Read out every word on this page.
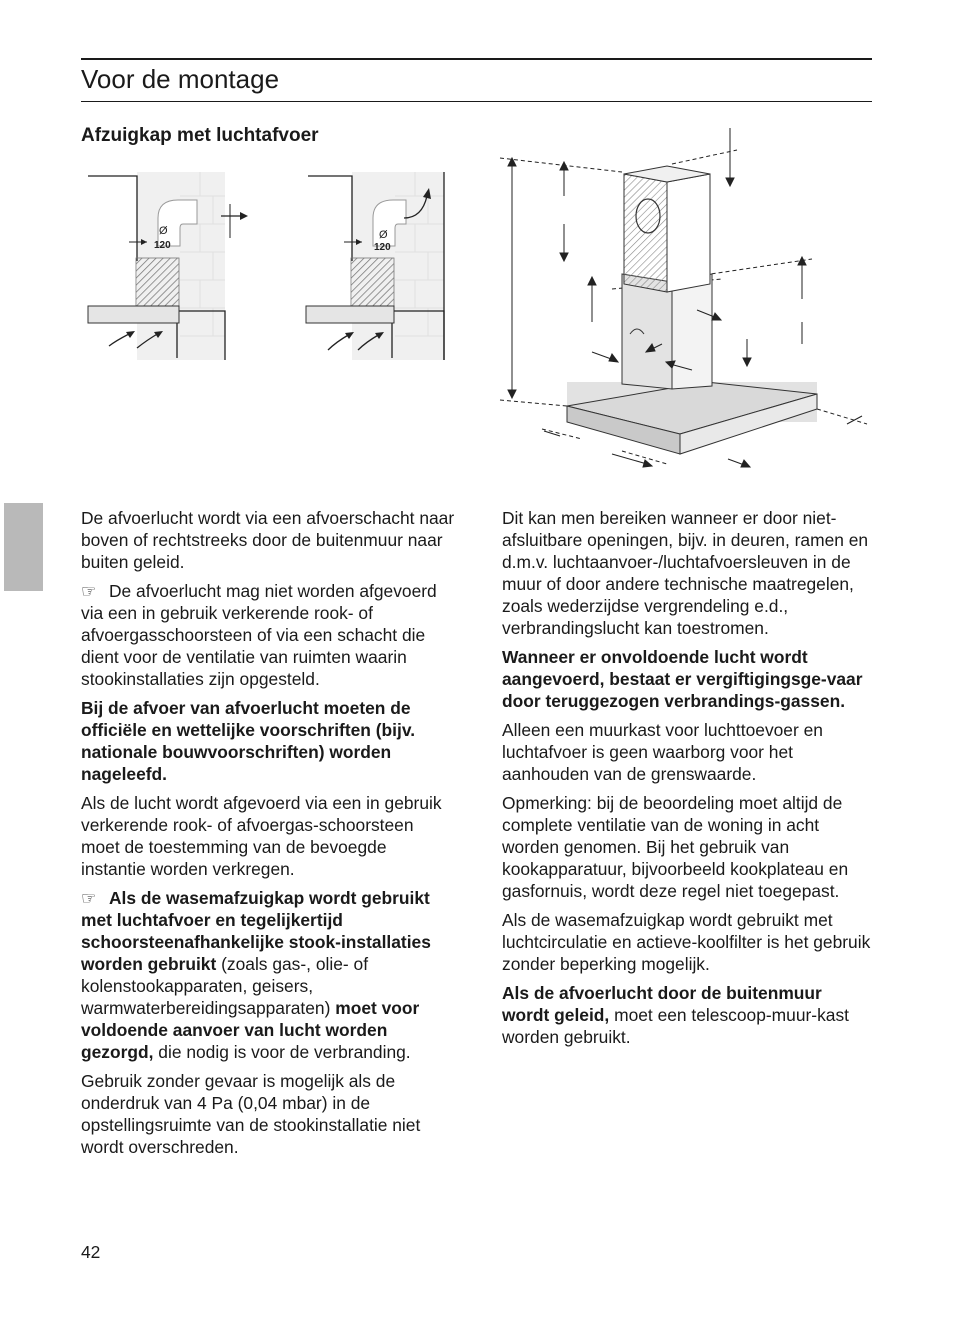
Voor de montage
Afzuigkap met luchtafvoer
Ø
120
Ø
120

De afvoerlucht wordt via een afvoerschacht naar boven of rechtstreeks door de buitenmuur naar buiten geleid.

☞ De afvoerlucht mag niet worden afgevoerd via een in gebruik verkerende rook- of afvoergasschoorsteen of via een schacht die dient voor de ventilatie van ruimten waarin stookinstallaties zijn opgesteld.

Bij de afvoer van afvoerlucht moeten de officiële en wettelijke voorschriften (bijv. nationale bouwvoorschriften) worden nageleefd.

Als de lucht wordt afgevoerd via een in gebruik verkerende rook- of afvoergas-schoorsteen moet de toestemming van de bevoegde instantie worden verkregen.

☞ Als de wasemafzuigkap wordt gebruikt met luchtafvoer en tegelijkertijd schoorsteenafhankelijke stook-installaties worden gebruikt (zoals gas-, olie- of kolenstookapparaten, geisers, warmwaterbereidingsapparaten) moet voor voldoende aanvoer van lucht worden gezorgd, die nodig is voor de verbranding.

Gebruik zonder gevaar is mogelijk als de onderdruk van 4 Pa (0,04 mbar) in de opstellingsruimte van de stookinstallatie niet wordt overschreden.

Dit kan men bereiken wanneer er door niet-afsluitbare openingen, bijv. in deuren, ramen en d.m.v. luchtaanvoer-/luchtafvoersleuven in de muur of door andere technische maatregelen, zoals wederzijdse vergrendeling e.d., verbrandingslucht kan toestromen.

Wanneer er onvoldoende lucht wordt aangevoerd, bestaat er vergiftigingsge-vaar door teruggezogen verbrandings-gassen.

Alleen een muurkast voor luchttoevoer en luchtafvoer is geen waarborg voor het aanhouden van de grenswaarde.

Opmerking: bij de beoordeling moet altijd de complete ventilatie van de woning in acht worden genomen. Bij het gebruik van kookapparatuur, bijvoorbeeld kookplateau en gasfornuis, wordt deze regel niet toegepast.

Als de wasemafzuigkap wordt gebruikt met luchtcirculatie en actieve-koolfilter is het gebruik zonder beperking mogelijk.

Als de afvoerlucht door de buitenmuur wordt geleid, moet een telescoop-muur-kast worden gebruikt.

42
